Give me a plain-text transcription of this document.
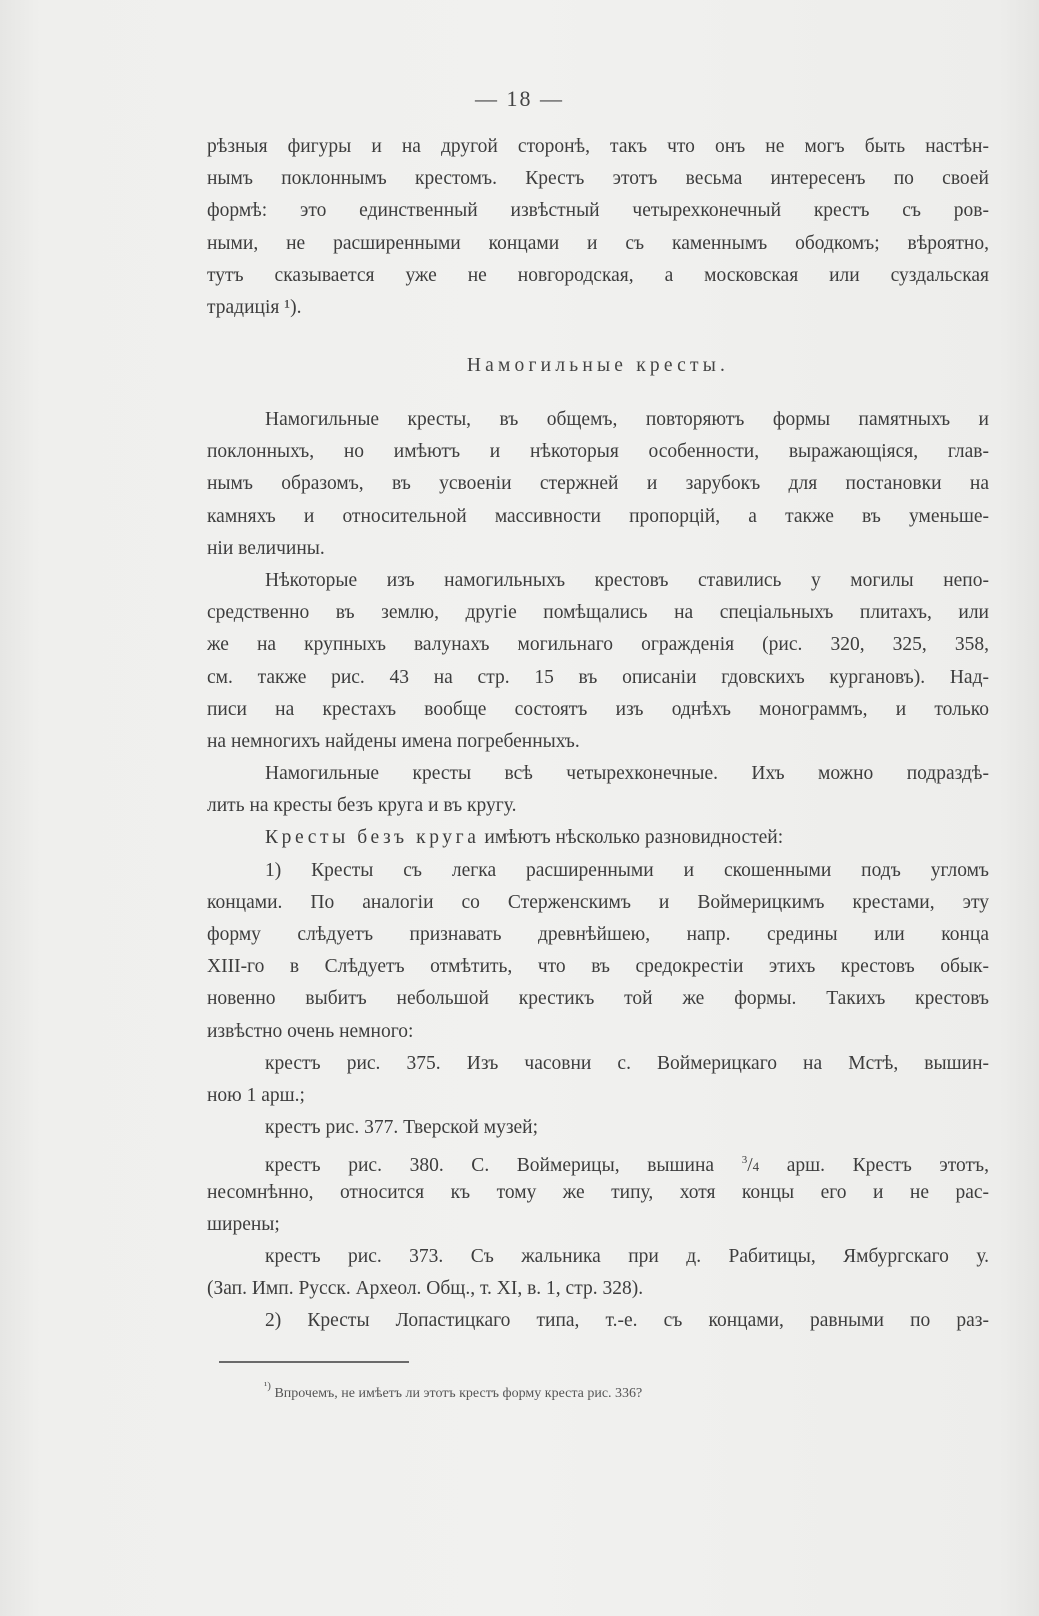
— 18 —
рѣзныя фигуры и на другой сторонѣ, такъ что онъ не могъ быть настѣн-
нымъ поклоннымъ крестомъ. Крестъ этотъ весьма интересенъ по своей
формѣ: это единственный извѣстный четырехконечный крестъ съ ров-
ными, не расширенными концами и съ каменнымъ ободкомъ; вѣроятно,
тутъ сказывается уже не новгородская, а московская или суздальская
традиція ¹).
Намогильные кресты.
Намогильные кресты, въ общемъ, повторяютъ формы памятныхъ и
поклонныхъ, но имѣютъ и нѣкоторыя особенности, выражающіяся, глав-
нымъ образомъ, въ усвоеніи стержней и зарубокъ для постановки на
камняхъ и относительной массивности пропорцій, а также въ уменьше-
ніи величины.
Нѣкоторые изъ намогильныхъ крестовъ ставились у могилы непо-
средственно въ землю, другіе помѣщались на спеціальныхъ плитахъ, или
же на крупныхъ валунахъ могильнаго огражденія (рис. 320, 325, 358,
см. также рис. 43 на стр. 15 въ описаніи гдовскихъ кургановъ). Над-
писи на крестахъ вообще состоятъ изъ однѣхъ монограммъ, и только
на немногихъ найдены имена погребенныхъ.
Намогильные кресты всѣ четырехконечные. Ихъ можно подраздѣ-
лить на кресты безъ круга и въ кругу.
Кресты безъ круга имѣютъ нѣсколько разновидностей:
1) Кресты съ легка расширенными и скошенными подъ угломъ
концами. По аналогіи со Стерженскимъ и Воймерицкимъ крестами, эту
форму слѣдуетъ признавать древнѣйшею, напр. средины или конца
XIII-го в Слѣдуетъ отмѣтить, что въ средокрестіи этихъ крестовъ обык-
новенно выбитъ небольшой крестикъ той же формы. Такихъ крестовъ
извѣстно очень немного:
крестъ рис. 375. Изъ часовни с. Воймерицкаго на Мстѣ, вышин-
ною 1 арш.;
крестъ рис. 377. Тверской музей;
крестъ рис. 380. С. Воймерицы, вышина	$^3$/4 арш. Крестъ этотъ,
несомнѣнно, относится къ тому же типу, хотя концы его и не рас-
ширены;
крестъ рис. 373. Съ жальника при д. Рабитицы, Ямбургскаго у.
(Зап. Имп. Русск. Археол. Общ., т. XI, в. 1, стр. 328).
2) Кресты Лопастицкаго типа, т.-е. съ концами, равными по раз-
$^{^1)}$ Впрочемъ, не имѣетъ ли этотъ крестъ форму креста рис. 336?
